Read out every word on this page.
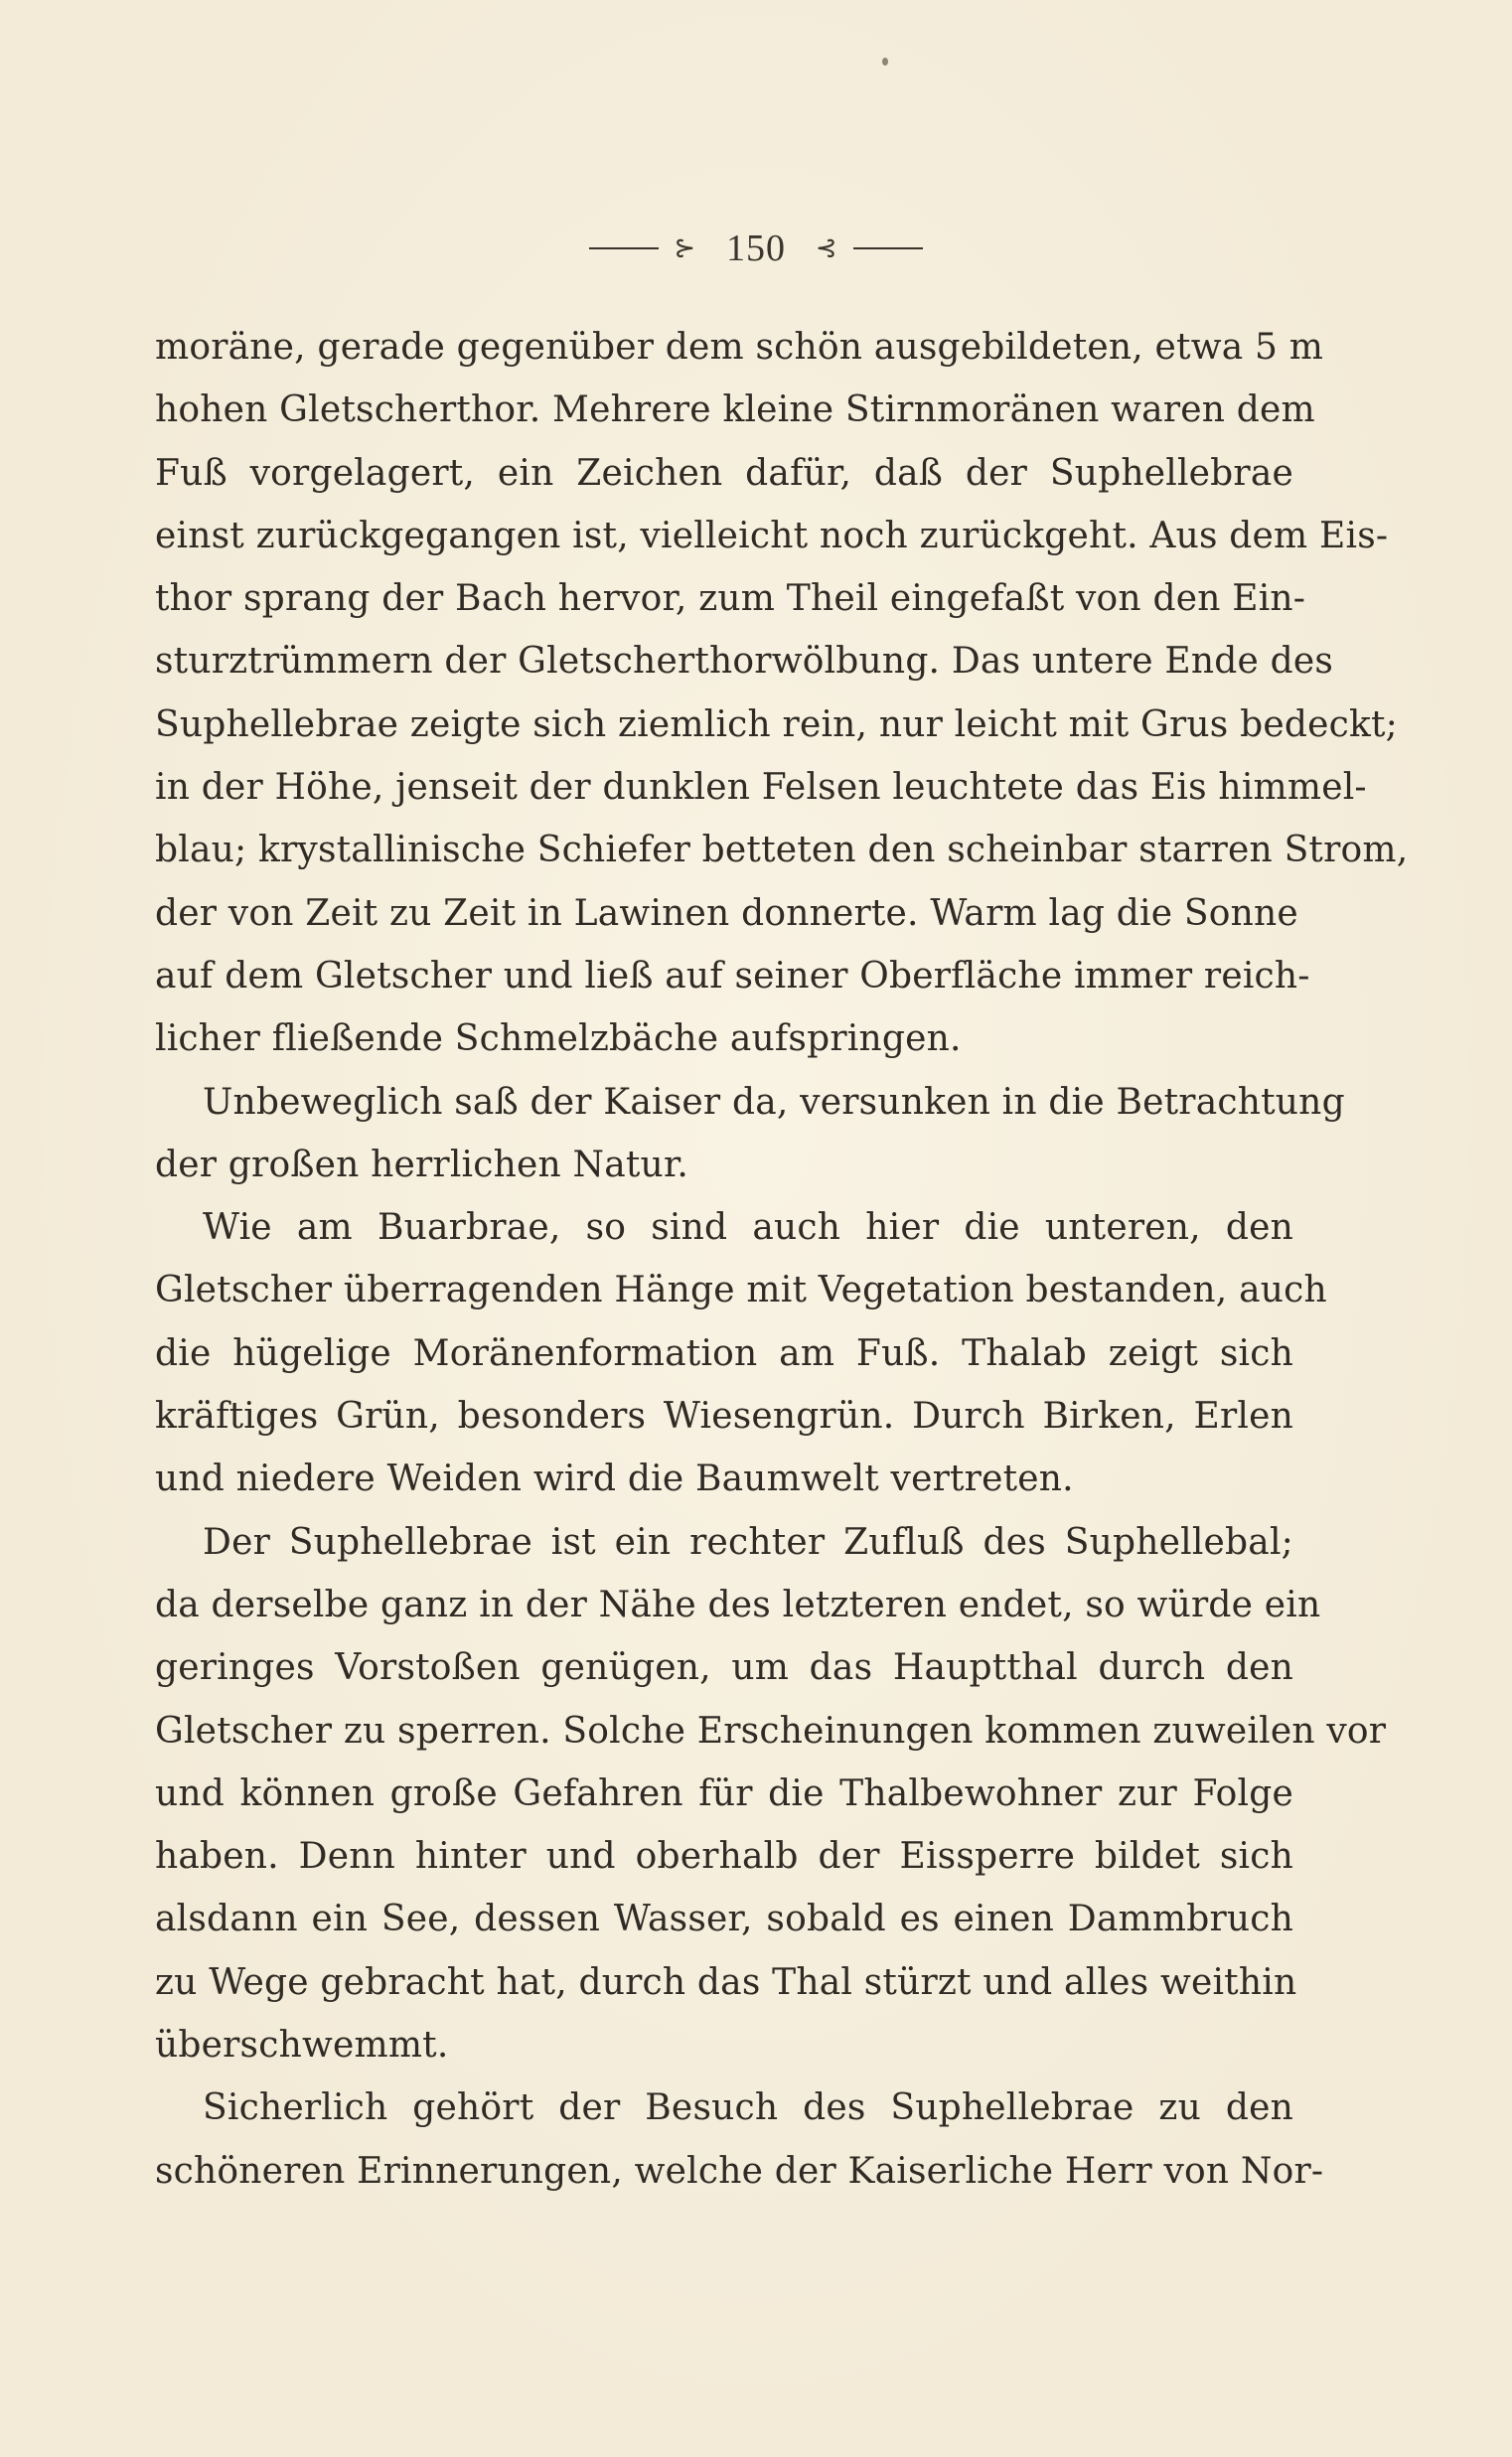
⊱ 150 ⊰
moräne, gerade gegenüber dem schön ausgebildeten, etwa 5 m
hohen Gletscherthor. Mehrere kleine Stirnmoränen waren dem
Fuß vorgelagert, ein Zeichen dafür, daß der Suphellebrae
einst zurückgegangen ist, vielleicht noch zurückgeht. Aus dem Eis-
thor sprang der Bach hervor, zum Theil eingefaßt von den Ein-
sturztrümmern der Gletscherthorwölbung. Das untere Ende des
Suphellebrae zeigte sich ziemlich rein, nur leicht mit Grus bedeckt;
in der Höhe, jenseit der dunklen Felsen leuchtete das Eis himmel-
blau; krystallinische Schiefer betteten den scheinbar starren Strom,
der von Zeit zu Zeit in Lawinen donnerte. Warm lag die Sonne
auf dem Gletscher und ließ auf seiner Oberfläche immer reich-
licher fließende Schmelzbäche aufspringen.
Unbeweglich saß der Kaiser da, versunken in die Betrachtung
der großen herrlichen Natur.
Wie am Buarbrae, so sind auch hier die unteren, den
Gletscher überragenden Hänge mit Vegetation bestanden, auch
die hügelige Moränenformation am Fuß. Thalab zeigt sich
kräftiges Grün, besonders Wiesengrün. Durch Birken, Erlen
und niedere Weiden wird die Baumwelt vertreten.
Der Suphellebrae ist ein rechter Zufluß des Suphellebal;
da derselbe ganz in der Nähe des letzteren endet, so würde ein
geringes Vorstoßen genügen, um das Hauptthal durch den
Gletscher zu sperren. Solche Erscheinungen kommen zuweilen vor
und können große Gefahren für die Thalbewohner zur Folge
haben. Denn hinter und oberhalb der Eissperre bildet sich
alsdann ein See, dessen Wasser, sobald es einen Dammbruch
zu Wege gebracht hat, durch das Thal stürzt und alles weithin
überschwemmt.
Sicherlich gehört der Besuch des Suphellebrae zu den
schöneren Erinnerungen, welche der Kaiserliche Herr von Nor-
